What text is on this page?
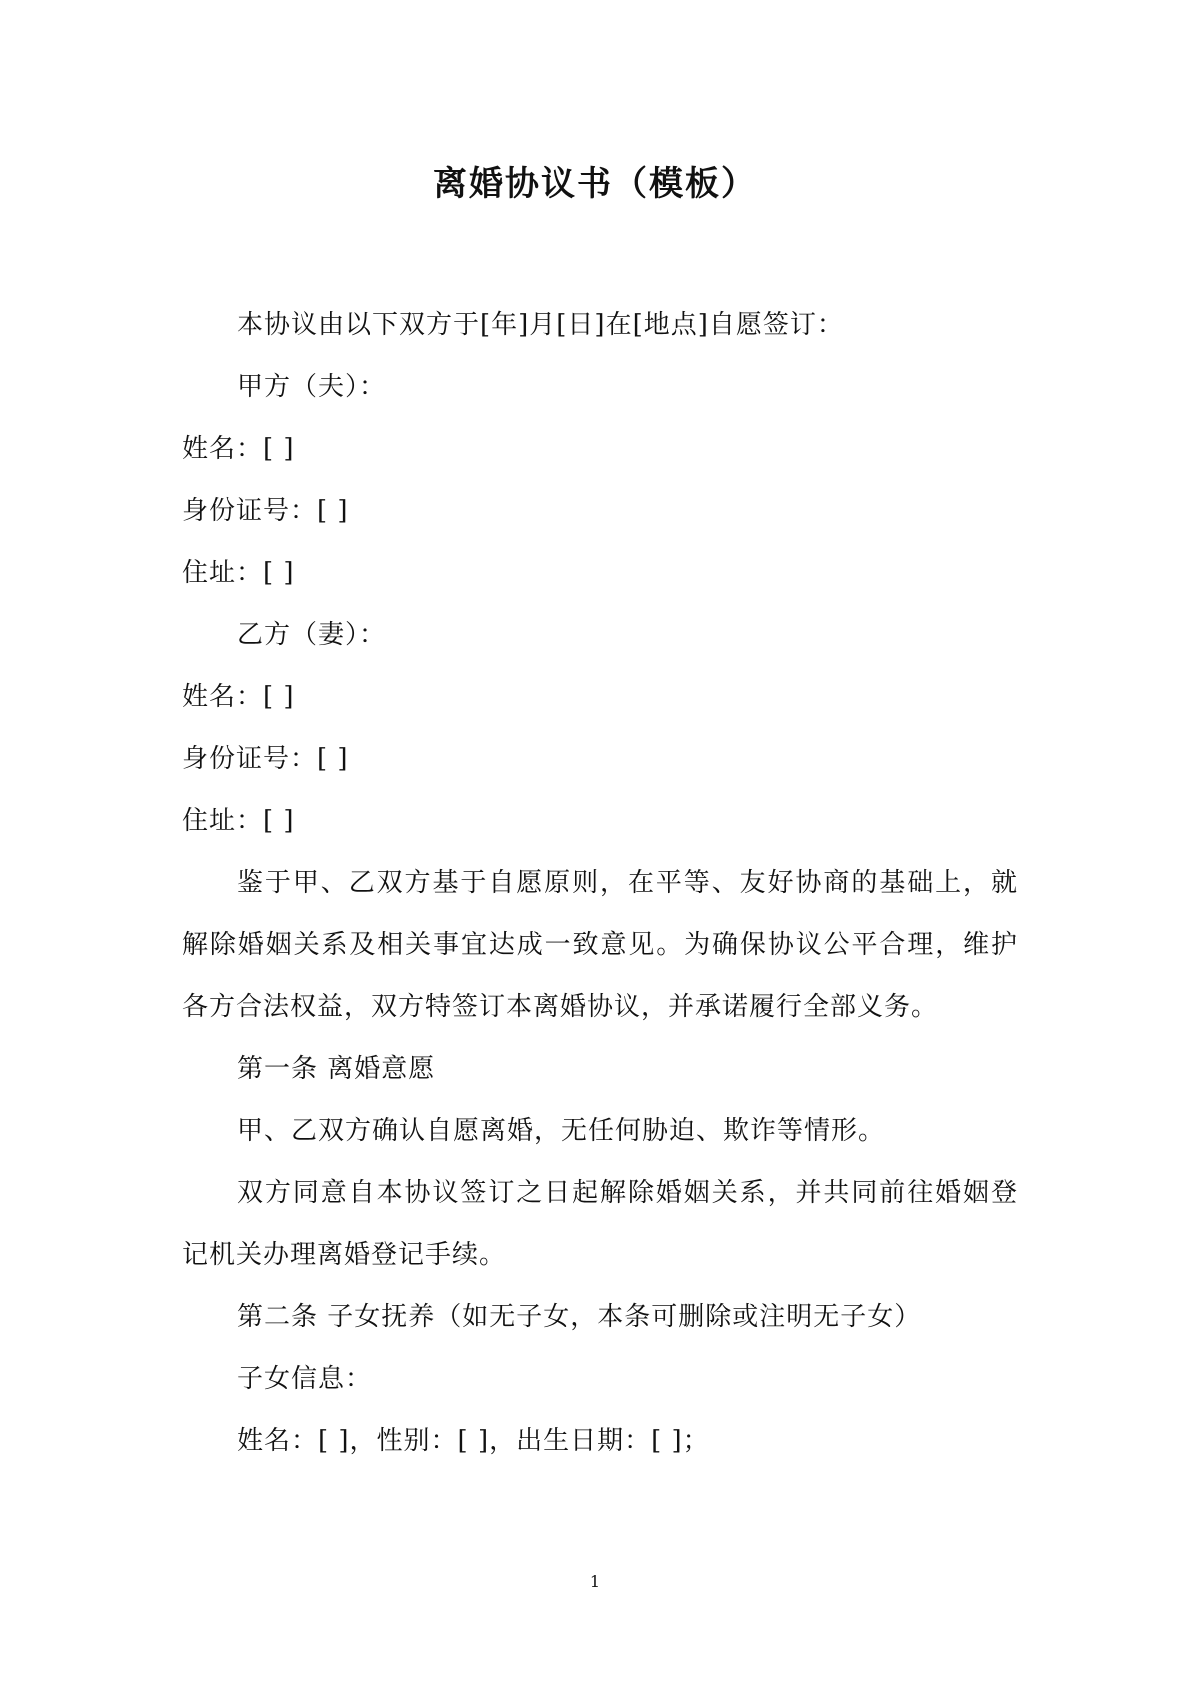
离婚协议书（模板）

本协议由以下双方于[年]月[日]在[地点]自愿签订：

甲方（夫）：

姓名：[ ]

身份证号：[ ]

住址：[ ]

乙方（妻）：

姓名：[ ]

身份证号：[ ]

住址：[ ]

鉴于甲、乙双方基于自愿原则，在平等、友好协商的基础上，就解除婚姻关系及相关事宜达成一致意见。为确保协议公平合理，维护各方合法权益，双方特签订本离婚协议，并承诺履行全部义务。

第一条 离婚意愿

甲、乙双方确认自愿离婚，无任何胁迫、欺诈等情形。

双方同意自本协议签订之日起解除婚姻关系，并共同前往婚姻登记机关办理离婚登记手续。

第二条 子女抚养（如无子女，本条可删除或注明无子女）

子女信息：

姓名：[ ]，性别：[ ]，出生日期：[ ]；

1
